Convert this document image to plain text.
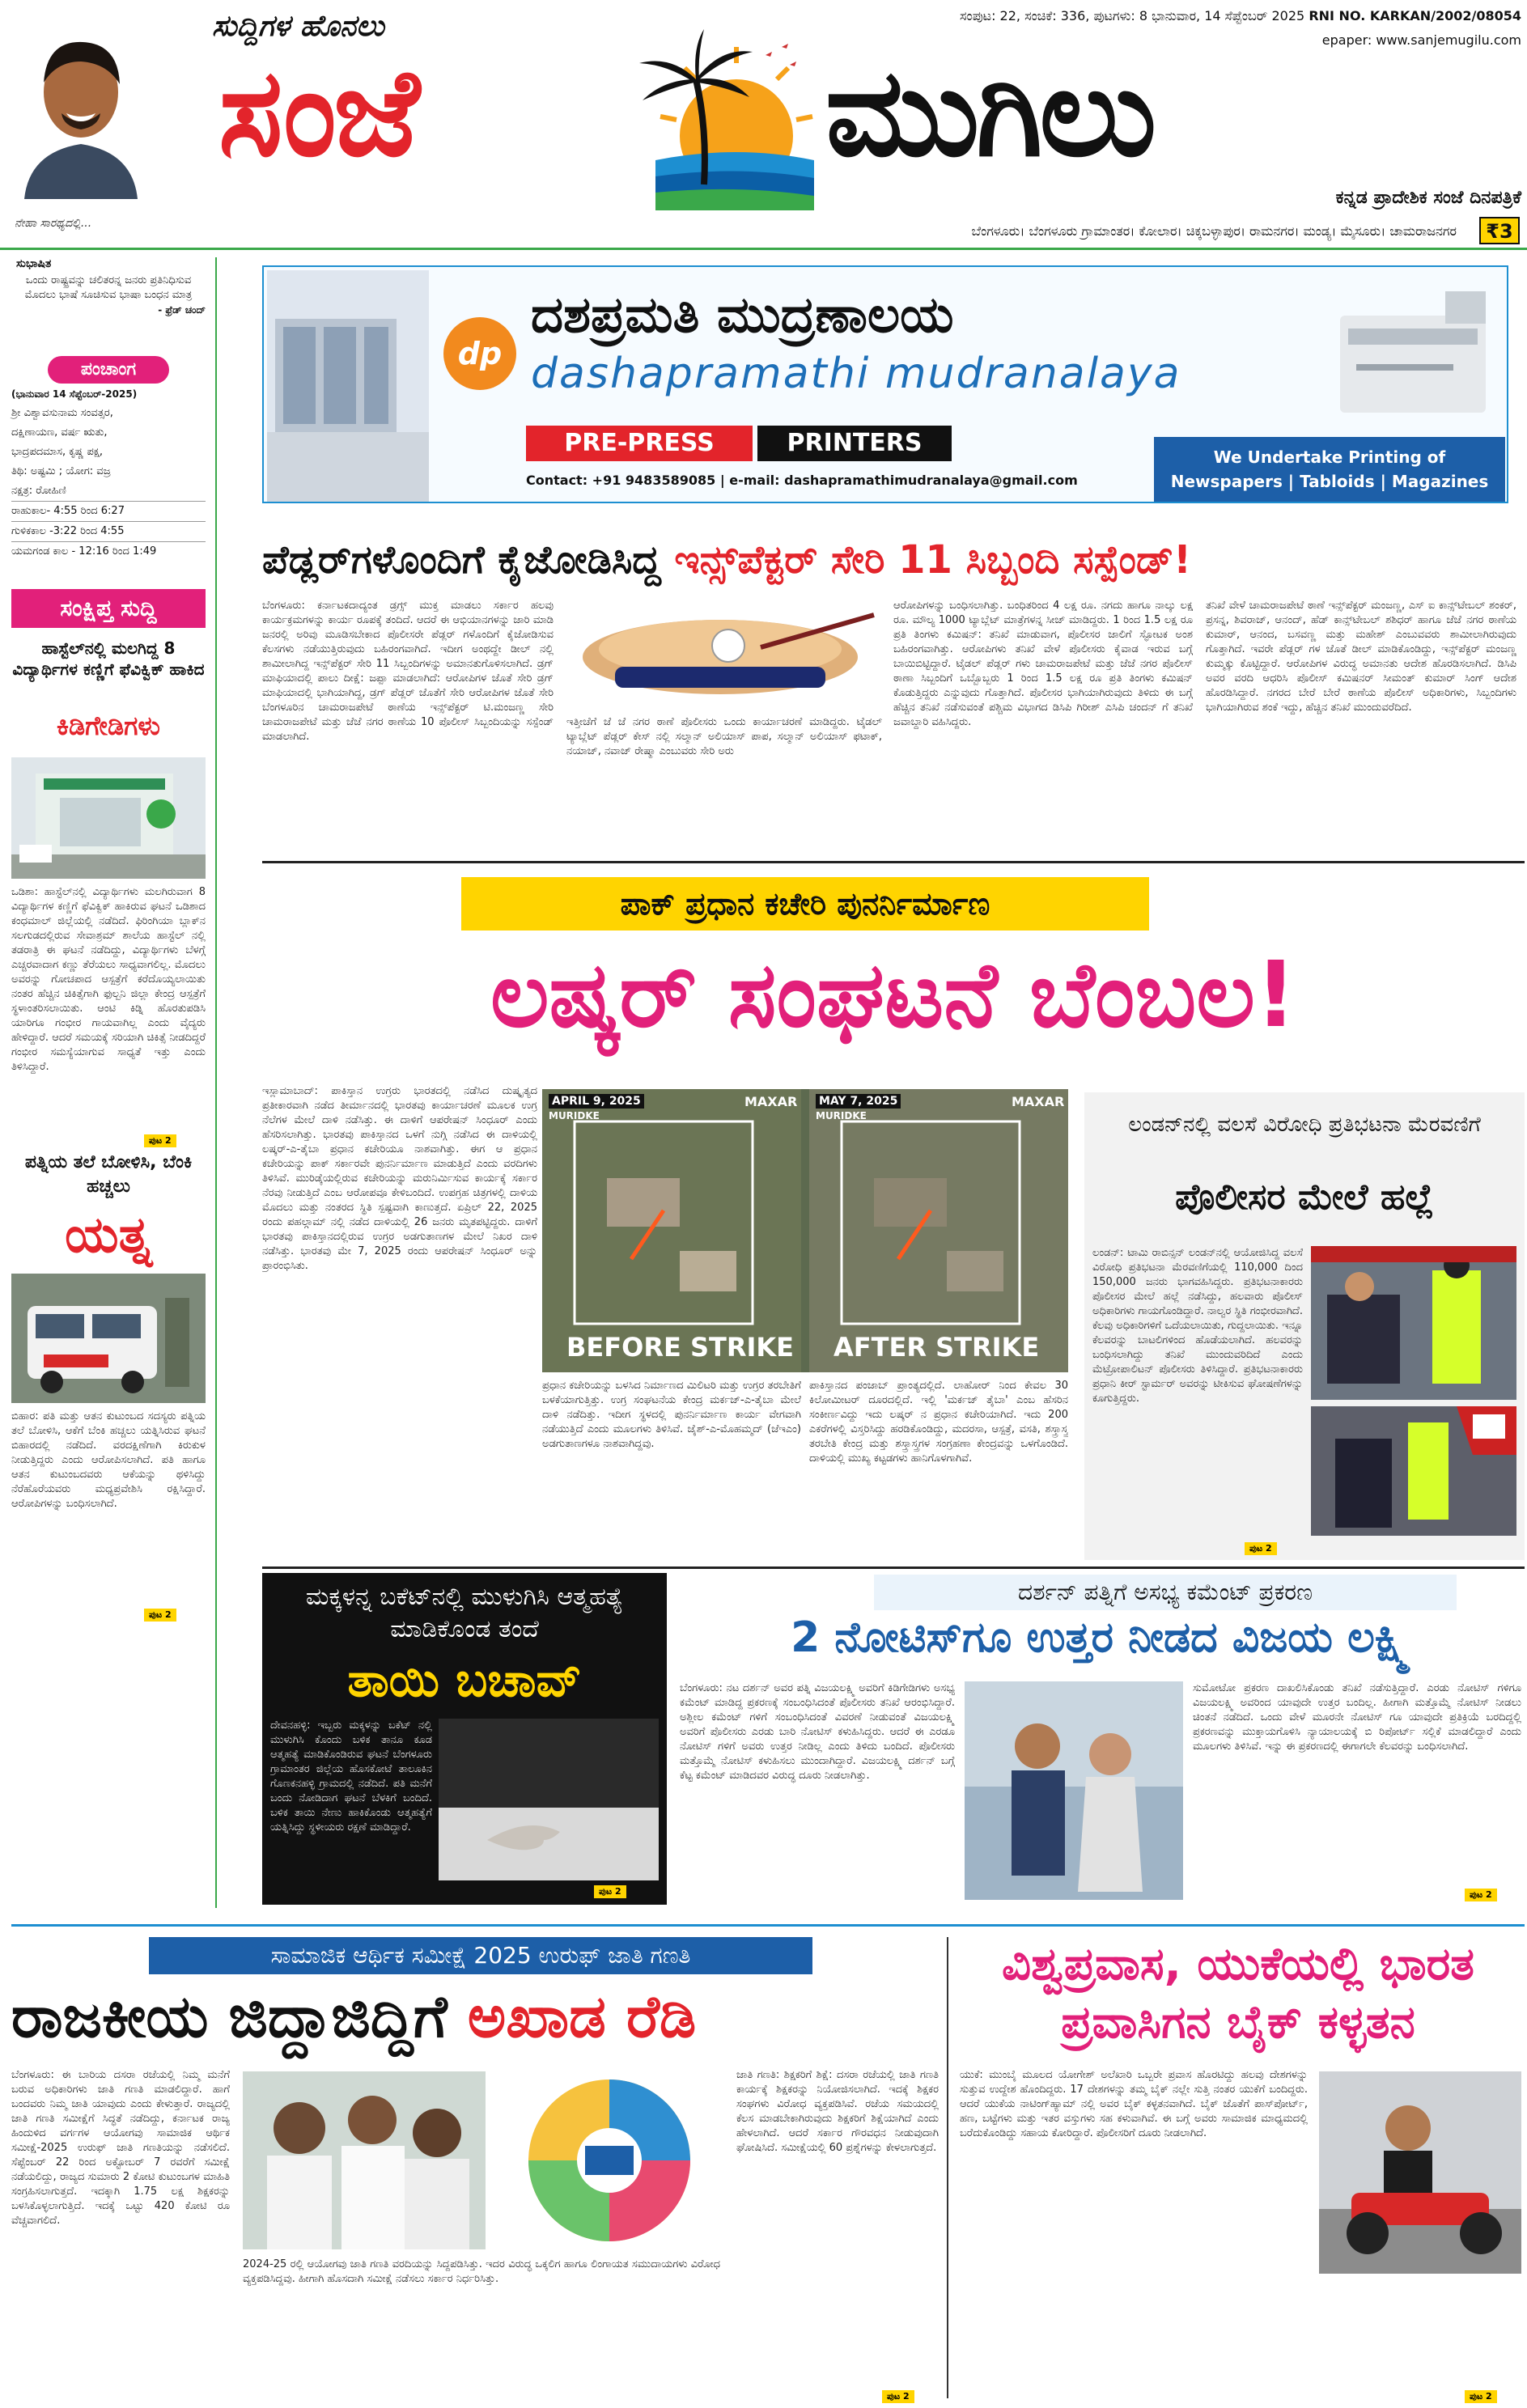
ನೇಹಾ ಸಾರಥ್ಯದಲ್ಲಿ...
ಸುದ್ದಿಗಳ ಹೊನಲು
ಸಂಜೆ	ಮುಗಿಲು
ಸಂಪುಟ: 22, ಸಂಚಿಕೆ: 336, ಪುಟಗಳು: 8 ಭಾನುವಾರ, 14 ಸೆಪ್ಟೆಂಬರ್ 2025 RNI NO. KARKAN/2002/08054
epaper: www.sanjemugilu.com
ಕನ್ನಡ ಪ್ರಾದೇಶಿಕ ಸಂಜೆ ದಿನಪತ್ರಿಕೆ
ಬೆಂಗಳೂರು। ಬೆಂಗಳೂರು ಗ್ರಾಮಾಂತರ। ಕೋಲಾರ। ಚಿಕ್ಕಬಳ್ಳಾಪುರ। ರಾಮನಗರ। ಮಂಡ್ಯ। ಮೈಸೂರು। ಚಾಮರಾಜನಗರ	₹3
ಸುಭಾಷಿತ
ಒಂದು ರಾಷ್ಟ್ರವನ್ನು ಚಲಿತರನ್ನ ಜನರು ಪ್ರತಿನಿಧಿಸುವ ಮೊದಲು ಭಾಷೆ ಸೂಚಿಸುವ ಭಾಷಾ ಬಂಧನ ಮಾತ್ರ
- ಫ್ರೆಡ್ ಚಂದ್
ಪಂಚಾಂಗ
(ಭಾನುವಾರ 14 ಸೆಪ್ಟೆಂಬರ್-2025)
ಶ್ರೀ ವಿಶ್ವಾವಸುನಾಮ ಸಂವತ್ಸರ,
ದಕ್ಷಿಣಾಯಣ, ವರ್ಷ ಋತು,
ಭಾದ್ರಪದಮಾಸ, ಕೃಷ್ಣ ಪಕ್ಷ,
ತಿಥಿ: ಅಷ್ಟಮಿ ; ಯೋಗ: ವಜ್ರ
ನಕ್ಷತ್ರ: ರೋಹಿಣಿ
ರಾಹುಕಾಲ- 4:55 ರಿಂದ 6:27
ಗುಳಿಕಕಾಲ -3:22 ರಿಂದ 4:55
ಯಮಗಂಡ ಕಾಲ - 12:16 ರಿಂದ 1:49
ಸಂಕ್ಷಿಪ್ತ ಸುದ್ದಿ
ಹಾಸ್ಟೆಲ್‌ನಲ್ಲಿ ಮಲಗಿದ್ದ 8 ವಿದ್ಯಾರ್ಥಿಗಳ ಕಣ್ಣಿಗೆ ಫೆವಿಕ್ವಿಕ್ ಹಾಕಿದ
ಕಿಡಿಗೇಡಿಗಳು
ಒಡಿಶಾ: ಹಾಸ್ಟೆಲ್‌ನಲ್ಲಿ ವಿದ್ಯಾರ್ಥಿಗಳು ಮಲಗಿರುವಾಗ 8 ವಿದ್ಯಾರ್ಥಿಗಳ ಕಣ್ಣಿಗೆ ಫೆವಿಕ್ವಿಕ್ ಹಾಕಿರುವ ಘಟನೆ ಒಡಿಶಾದ ಕಂಧಮಾಲ್ ಜಿಲ್ಲೆಯಲ್ಲಿ ನಡೆದಿದೆ. ಫಿರಿಂಗಿಯಾ ಬ್ಲಾಕ್‌ನ ಸಲಗುಡದಲ್ಲಿರುವ ಸೇವಾಶ್ರಮ್ ಶಾಲೆಯ ಹಾಸ್ಟೆಲ್ ನಲ್ಲಿ ತಡರಾತ್ರಿ ಈ ಘಟನೆ ನಡೆದಿದ್ದು, ವಿದ್ಯಾರ್ಥಿಗಳು ಬೆಳಗ್ಗೆ ಎಚ್ಚರವಾದಾಗ ಕಣ್ಣು ತೆರೆಯಲು ಸಾಧ್ಯವಾಗಲಿಲ್ಲ. ಮೊದಲು ಅವರನ್ನು ಗೋಚಪಾದ ಆಸ್ಪತ್ರೆಗೆ ಕರೆದೊಯ್ಯಲಾಯಿತು ನಂತರ ಹೆಚ್ಚಿನ ಚಿಕಿತ್ಸೆಗಾಗಿ ಫುಲ್ಬನಿ ಜಿಲ್ಲಾ ಕೇಂದ್ರ ಆಸ್ಪತ್ರೆಗೆ ಸ್ಥಳಾಂತರಿಸಲಾಯಿತು. ಆಂಟಿ ಕಿಡ್ನಿ ಹೊರತುಪಡಿಸಿ ಯಾರಿಗೂ ಗಂಭೀರ ಗಾಯವಾಗಿಲ್ಲ ಎಂದು ವೈದ್ಯರು ಹೇಳಿದ್ದಾರೆ. ಆದರೆ ಸಮಯಕ್ಕೆ ಸರಿಯಾಗಿ ಚಿಕಿತ್ಸೆ ನೀಡದಿದ್ದರೆ ಗಂಭೀರ ಸಮಸ್ಯೆಯಾಗುವ ಸಾಧ್ಯತೆ ಇತ್ತು ಎಂದು ತಿಳಿಸಿದ್ದಾರೆ.
ಪುಟ 2
ಪತ್ನಿಯ ತಲೆ ಬೋಳಿಸಿ, ಬೆಂಕಿ ಹಚ್ಚಲು
ಯತ್ನ
ಬಿಹಾರ: ಪತಿ ಮತ್ತು ಆತನ ಕುಟುಂಬದ ಸದಸ್ಯರು ಪತ್ನಿಯ ತಲೆ ಬೋಳಿಸಿ, ಆಕೆಗೆ ಬೆಂಕಿ ಹಚ್ಚಲು ಯತ್ನಿಸಿರುವ ಘಟನೆ ಬಿಹಾರದಲ್ಲಿ ನಡೆದಿದೆ. ವರದಕ್ಷಿಣೆಗಾಗಿ ಕಿರುಕುಳ ನೀಡುತ್ತಿದ್ದರು ಎಂದು ಆರೋಪಿಸಲಾಗಿದೆ. ಪತಿ ಹಾಗೂ ಆತನ ಕುಟುಂಬದವರು ಆಕೆಯನ್ನು ಥಳಿಸಿದ್ದು ನೆರೆಹೊರೆಯವರು ಮಧ್ಯಪ್ರವೇಶಿಸಿ ರಕ್ಷಿಸಿದ್ದಾರೆ. ಆರೋಪಿಗಳನ್ನು ಬಂಧಿಸಲಾಗಿದೆ.
ಪುಟ 2
dp
ದಶಪ್ರಮತಿ ಮುದ್ರಣಾಲಯ
dashapramathi mudranalaya
PRE-PRESS	PRINTERS
Contact: +91 9483589085 | e-mail: dashapramathimudranalaya@gmail.com
We Undertake Printing of Newspapers | Tabloids | Magazines
ಪೆಡ್ಲರ್‌ಗಳೊಂದಿಗೆ ಕೈಜೋಡಿಸಿದ್ದ ಇನ್ಸ್‌ಪೆಕ್ಟರ್ ಸೇರಿ 11 ಸಿಬ್ಬಂದಿ ಸಸ್ಪೆಂಡ್!
ಬೆಂಗಳೂರು: ಕರ್ನಾಟಕದಾದ್ಯಂತ ಡ್ರಗ್ಸ್ ಮುಕ್ತ ಮಾಡಲು ಸರ್ಕಾರ ಹಲವು ಕಾರ್ಯಕ್ರಮಗಳನ್ನು ಕಾರ್ಯ ರೂಪಕ್ಕೆ ತಂದಿದೆ. ಆದರೆ ಈ ಆಭಿಯಾನಗಳನ್ನು ಜಾರಿ ಮಾಡಿ ಜನರಲ್ಲಿ ಅರಿವು ಮೂಡಿಸಬೇಕಾದ ಪೊಲೀಸರೇ ಪೆಡ್ಲರ್ ಗಳೊಂದಿಗೆ ಕೈಜೋಡಿಸುವ ಕೆಲಸಗಳು ನಡೆಯುತ್ತಿರುವುದು ಬಹಿರಂಗವಾಗಿದೆ. ಇದೀಗ ಅಂಥದ್ದೇ ಡೀಲ್ ನಲ್ಲಿ ಶಾಮೀಲಾಗಿದ್ದ ಇನ್ಸ್‌ಪೆಕ್ಟರ್ ಸೇರಿ 11 ಸಿಬ್ಬಂದಿಗಳನ್ನು ಅಮಾನತುಗೊಳಿಸಲಾಗಿದೆ. ಡ್ರಗ್ ಮಾಫಿಯಾದಲ್ಲಿ ಪಾಲು ದೀಕ್ಷೆ: ಜಪ್ಪಾ ಮಾಡಲಾಗಿದೆ: ಆರೋಪಿಗಳ ಜೊತೆ ಸೇರಿ ಡ್ರಗ್ ಮಾಫಿಯಾದಲ್ಲಿ ಭಾಗಿಯಾಗಿದ್ದ, ಡ್ರಗ್ ಪೆಡ್ಲರ್ ಜೊತೆಗೆ ಸೇರಿ ಆರೋಪಿಗಳ ಜೊತೆ ಸೇರಿ ಬೆಂಗಳೂರಿನ ಚಾಮರಾಜಪೇಟೆ ಠಾಣೆಯ ಇನ್ಸ್‌ಪೆಕ್ಟರ್ ಟಿ.ಮಂಜಣ್ಣ ಸೇರಿ ಚಾಮರಾಜಪೇಟೆ ಮತ್ತು ಜೆಜೆ ನಗರ ಠಾಣೆಯ 10 ಪೊಲೀಸ್ ಸಿಬ್ಬಂದಿಯನ್ನು ಸಸ್ಪೆಂಡ್ ಮಾಡಲಾಗಿದೆ.
ಇತ್ತೀಚೆಗೆ ಜೆ ಜೆ ನಗರ ಠಾಣೆ ಪೊಲೀಸರು ಒಂದು ಕಾರ್ಯಾಚರಣೆ ಮಾಡಿದ್ದರು. ಟೈಡಲ್ ಟ್ಯಾಬ್ಲೆಟ್ ಪೆಡ್ಲರ್ ಕೇಸ್ ನಲ್ಲಿ ಸಲ್ಮಾನ್ ಅಲಿಯಾಸ್ ಪಾಪ, ಸಲ್ಮಾನ್ ಅಲಿಯಾಸ್ ಫಟಾಕ್, ನಯಾಜ್, ನವಾಜ್ ರೇಷ್ಮಾ ಎಂಬುವರು ಸೇರಿ ಅರು
ಆರೋಪಿಗಳನ್ನು ಬಂಧಿಸಲಾಗಿತ್ತು. ಬಂಧಿತರಿಂದ 4 ಲಕ್ಷ ರೂ. ನಗದು ಹಾಗೂ ನಾಲ್ಕು ಲಕ್ಷ ರೂ. ಮೌಲ್ಯ 1000 ಟ್ಯಾಬ್ಲೆಟ್ ಮಾತ್ರೆಗಳನ್ನ ಸೀಜ್ ಮಾಡಿದ್ದರು. 1 ರಿಂದ 1.5 ಲಕ್ಷ ರೂ ಪ್ರತಿ ತಿಂಗಳು ಕಮಿಷನ್: ತನಿಖೆ ಮಾಡುವಾಗ, ಪೊಲೀಸರ ಜಾಲಿಗೆ ಸ್ಫೋಟಕ ಅಂಶ ಬಹಿರಂಗವಾಗಿತ್ತು. ಆರೋಪಿಗಳು ತನಿಖೆ ವೇಳೆ ಪೊಲೀಸರು ಕೈವಾಡ ಇರುವ ಬಗ್ಗೆ ಬಾಯಿಬಿಟ್ಟಿದ್ದಾರೆ. ಟೈಡಲ್ ಪೆಡ್ಲರ್ ಗಳು ಚಾಮರಾಜಪೇಟೆ ಮತ್ತು ಜೆಜೆ ನಗರ ಪೊಲೀಸ್ ಠಾಣಾ ಸಿಬ್ಬಂದಿಗೆ ಒಬ್ಬೊಬ್ಬರು 1 ರಿಂದ 1.5 ಲಕ್ಷ ರೂ ಪ್ರತಿ ತಿಂಗಳು ಕಮಿಷನ್ ಕೊಡುತ್ತಿದ್ದರು ಎನ್ನುವುದು ಗೊತ್ತಾಗಿದೆ. ಪೊಲೀಸರ ಭಾಗಿಯಾಗಿರುವುದು ತಿಳಿದು ಈ ಬಗ್ಗೆ ಹೆಚ್ಚಿನ ತನಿಖೆ ನಡೆಸುವಂತೆ ಪಶ್ಚಿಮ ವಿಭಾಗದ ಡಿಸಿಪಿ ಗಿರೀಶ್ ಎಸಿಪಿ ಚಂದನ್ ಗೆ ತನಿಖೆ ಜವಾಬ್ದಾರಿ ವಹಿಸಿದ್ದರು.
ತನಿಖೆ ವೇಳೆ ಚಾಮರಾಜಪೇಟೆ ಠಾಣೆ ಇನ್ಸ್‌ಪೆಕ್ಟರ್ ಮಂಜಣ್ಣ, ಎಸ್ ಐ ಕಾನ್ಸ್‌ಟೇಬಲ್ ಶಂಕರ್, ಪ್ರಸನ್ನ, ಶಿವರಾಜ್, ಆನಂದ್, ಹೆಡ್ ಕಾನ್ಸ್‌ಟೇಬಲ್ ಶಶಿಧರ್ ಹಾಗೂ ಜೆಜೆ ನಗರ ಠಾಣೆಯ ಕುಮಾರ್, ಆನಂದ, ಬಸವಣ್ಣ ಮತ್ತು ಮಹೇಶ್ ಎಂಬುವವರು ಶಾಮೀಲಾಗಿರುವುದು ಗೊತ್ತಾಗಿದೆ. ಇವರೇ ಪೆಡ್ಲರ್ ಗಳ ಜೊತೆ ಡೀಲ್ ಮಾಡಿಕೊಂಡಿದ್ದು, ಇನ್ಸ್‌ಪೆಕ್ಟರ್ ಮಂಜಣ್ಣ ಕುಮ್ಮಕ್ಕು ಕೊಟ್ಟಿದ್ದಾರೆ. ಆರೋಪಿಗಳ ವಿರುದ್ಧ ಅಮಾನತು ಆದೇಶ ಹೊರಡಿಸಲಾಗಿದೆ. ಡಿಸಿಪಿ ಅವರ ವರದಿ ಆಧರಿಸಿ ಪೊಲೀಸ್ ಕಮಿಷನರ್ ಸೀಮಂತ್ ಕುಮಾರ್ ಸಿಂಗ್ ಆದೇಶ ಹೊರಡಿಸಿದ್ದಾರೆ. ನಗರದ ಬೇರೆ ಬೇರೆ ಠಾಣೆಯ ಪೊಲೀಸ್ ಅಧಿಕಾರಿಗಳು, ಸಿಬ್ಬಂದಿಗಳು ಭಾಗಿಯಾಗಿರುವ ಶಂಕೆ ಇದ್ದು, ಹೆಚ್ಚಿನ ತನಿಖೆ ಮುಂದುವರೆದಿದೆ.
ಪಾಕ್ ಪ್ರಧಾನ ಕಚೇರಿ ಪುನರ್ನಿರ್ಮಾಣ
ಲಷ್ಕರ್ ಸಂಘಟನೆ ಬೆಂಬಲ!
ಇಸ್ಲಾಮಾಬಾದ್: ಪಾಕಿಸ್ತಾನ ಉಗ್ರರು ಭಾರತದಲ್ಲಿ ನಡೆಸಿದ ದುಷ್ಕೃತ್ಯದ ಪ್ರತೀಕಾರವಾಗಿ ನಡೆದ ತೀರ್ಮಾನದಲ್ಲಿ ಭಾರತವು ಕಾರ್ಯಾಚರಣೆ ಮೂಲಕ ಉಗ್ರ ನೆಲೆಗಳ ಮೇಲೆ ದಾಳಿ ನಡೆಸಿತ್ತು. ಈ ದಾಳಿಗೆ ಆಪರೇಷನ್ ಸಿಂಧೂರ್ ಎಂದು ಹೆಸರಿಸಲಾಗಿತ್ತು. ಭಾರತವು ಪಾಕಿಸ್ತಾನದ ಒಳಗೆ ನುಗ್ಗಿ ನಡೆಸಿದ ಈ ದಾಳಿಯಲ್ಲಿ ಲಷ್ಕರ್-ಎ-ತೈಬಾ ಪ್ರಧಾನ ಕಚೇರಿಯೂ ನಾಶವಾಗಿತ್ತು. ಈಗ ಆ ಪ್ರಧಾನ ಕಚೇರಿಯನ್ನು ಪಾಕ್ ಸರ್ಕಾರವೇ ಪುನರ್ನಿರ್ಮಾಣ ಮಾಡುತ್ತಿದೆ ಎಂದು ವರದಿಗಳು ತಿಳಿಸಿವೆ. ಮುರಿಡ್ಕೆಯಲ್ಲಿರುವ ಕಚೇರಿಯನ್ನು ಮರುನಿರ್ಮಿಸುವ ಕಾರ್ಯಕ್ಕೆ ಸರ್ಕಾರ ನೆರವು ನೀಡುತ್ತಿದೆ ಎಂಬ ಆರೋಪವೂ ಕೇಳಿಬಂದಿದೆ. ಉಪಗ್ರಹ ಚಿತ್ರಗಳಲ್ಲಿ ದಾಳಿಯ ಮೊದಲು ಮತ್ತು ನಂತರದ ಸ್ಥಿತಿ ಸ್ಪಷ್ಟವಾಗಿ ಕಾಣುತ್ತದೆ. ಏಪ್ರಿಲ್ 22, 2025 ರಂದು ಪಹಲ್ಗಾಮ್ ನಲ್ಲಿ ನಡೆದ ದಾಳಿಯಲ್ಲಿ 26 ಜನರು ಮೃತಪಟ್ಟಿದ್ದರು. ದಾಳಿಗೆ ಭಾರತವು ಪಾಕಿಸ್ತಾನದಲ್ಲಿರುವ ಉಗ್ರರ ಅಡಗುತಾಣಗಳ ಮೇಲೆ ನಿಖರ ದಾಳಿ ನಡೆಸಿತ್ತು. ಭಾರತವು ಮೇ 7, 2025 ರಂದು ಆಪರೇಷನ್ ಸಿಂಧೂರ್ ಅನ್ನು ಪ್ರಾರಂಭಿಸಿತು.
APRIL 9, 2025
MURIDKE
MAXAR MAY 7, 2025
MURIDKE
MAXAR
BEFORE STRIKE AFTER STRIKE
ಪ್ರಧಾನ ಕಚೇರಿಯನ್ನು ಬಳಸಿದ ನಿರ್ಮಾಣದ ಮಿಲಿಟರಿ ಮತ್ತು ಉಗ್ರರ ತರಬೇತಿಗೆ ಬಳಕೆಯಾಗುತ್ತಿತ್ತು. ಉಗ್ರ ಸಂಘಟನೆಯ ಕೇಂದ್ರ ಮರ್ಕಜ್-ಎ-ತೈಬಾ ಮೇಲೆ ದಾಳಿ ನಡೆದಿತ್ತು. ಇದೀಗ ಸ್ಥಳದಲ್ಲಿ ಪುನರ್ನಿರ್ಮಾಣ ಕಾರ್ಯ ವೇಗವಾಗಿ ನಡೆಯುತ್ತಿದೆ ಎಂದು ಮೂಲಗಳು ತಿಳಿಸಿವೆ. ಜೈಶ್-ಎ-ಮೊಹಮ್ಮದ್ (ಜೆಇಎಂ) ಅಡಗುತಾಣಗಳೂ ನಾಶವಾಗಿದ್ದವು.
ಪಾಕಿಸ್ತಾನದ ಪಂಜಾಬ್ ಪ್ರಾಂತ್ಯದಲ್ಲಿದೆ. ಲಾಹೋರ್ ನಿಂದ ಕೇವಲ 30 ಕಿಲೋಮೀಟರ್ ದೂರದಲ್ಲಿದೆ. ಇಲ್ಲಿ 'ಮರ್ಕಜ್ ತೈಬಾ' ಎಂಬ ಹೆಸರಿನ ಸಂಕೀರ್ಣವಿದ್ದು ಇದು ಲಷ್ಕರ್ ನ ಪ್ರಧಾನ ಕಚೇರಿಯಾಗಿದೆ. ಇದು 200 ಎಕರೆಗಳಲ್ಲಿ ವಿಸ್ತರಿಸಿದ್ದು ಹರಡಿಕೊಂಡಿದ್ದು, ಮದರಸಾ, ಆಸ್ಪತ್ರೆ, ವಸತಿ, ಶಸ್ತ್ರಾಸ್ತ್ರ ತರಬೇತಿ ಕೇಂದ್ರ ಮತ್ತು ಶಸ್ತ್ರಾಸ್ತ್ರಗಳ ಸಂಗ್ರಹಣಾ ಕೇಂದ್ರವನ್ನು ಒಳಗೊಂಡಿದೆ. ದಾಳಿಯಲ್ಲಿ ಮುಖ್ಯ ಕಟ್ಟಡಗಳು ಹಾನಿಗೊಳಗಾಗಿವೆ.
ಲಂಡನ್‌ನಲ್ಲಿ ವಲಸೆ ವಿರೋಧಿ ಪ್ರತಿಭಟನಾ ಮೆರವಣಿಗೆ
ಪೊಲೀಸರ ಮೇಲೆ ಹಲ್ಲೆ
ಲಂಡನ್: ಟಾಮಿ ರಾಬಿನ್ಸನ್ ಲಂಡನ್‌ನಲ್ಲಿ ಆಯೋಜಿಸಿದ್ದ ವಲಸೆ ವಿರೋಧಿ ಪ್ರತಿಭಟನಾ ಮೆರವಣಿಗೆಯಲ್ಲಿ 110,000 ದಿಂದ 150,000 ಜನರು ಭಾಗವಹಿಸಿದ್ದರು. ಪ್ರತಿಭಟನಾಕಾರರು ಪೊಲೀಸರ ಮೇಲೆ ಹಲ್ಲೆ ನಡೆಸಿದ್ದು, ಹಲವಾರು ಪೊಲೀಸ್ ಅಧಿಕಾರಿಗಳು ಗಾಯಗೊಂಡಿದ್ದಾರೆ. ನಾಲ್ವರ ಸ್ಥಿತಿ ಗಂಭೀರವಾಗಿದೆ. ಕೆಲವು ಅಧಿಕಾರಿಗಳಿಗೆ ಒದೆಯಲಾಯಿತು, ಗುದ್ದಲಾಯಿತು. ಇನ್ನೂ ಕೆಲವರನ್ನು ಬಾಟಲಿಗಳಿಂದ ಹೊಡೆಯಲಾಗಿದೆ. ಹಲವರನ್ನು ಬಂಧಿಸಲಾಗಿದ್ದು ತನಿಖೆ ಮುಂದುವರಿದಿದೆ ಎಂದು ಮೆಟ್ರೋಪಾಲಿಟನ್ ಪೊಲೀಸರು ತಿಳಿಸಿದ್ದಾರೆ. ಪ್ರತಿಭಟನಾಕಾರರು ಪ್ರಧಾನಿ ಕೀರ್ ಸ್ಟಾರ್ಮರ್ ಅವರನ್ನು ಟೀಕಿಸುವ ಘೋಷಣೆಗಳನ್ನು ಕೂಗುತ್ತಿದ್ದರು.
ಪುಟ 2
ಮಕ್ಕಳನ್ನ ಬಕೆಟ್‌ನಲ್ಲಿ ಮುಳುಗಿಸಿ ಆತ್ಮಹತ್ಯೆ ಮಾಡಿಕೊಂಡ ತಂದೆ
ತಾಯಿ ಬಚಾವ್
ದೇವನಹಳ್ಳಿ: ಇಬ್ಬರು ಮಕ್ಕಳನ್ನು ಬಕೆಟ್ ನಲ್ಲಿ ಮುಳುಗಿಸಿ ಕೊಂದು ಬಳಿಕ ತಾನೂ ಕೂಡ ಆತ್ಮಹತ್ಯೆ ಮಾಡಿಕೊಂಡಿರುವ ಘಟನೆ ಬೆಂಗಳೂರು ಗ್ರಾಮಾಂತರ ಜಿಲ್ಲೆಯ ಹೊಸಕೋಟೆ ತಾಲೂಕಿನ ಗೊಣಕನಹಳ್ಳಿ ಗ್ರಾಮದಲ್ಲಿ ನಡೆದಿದೆ. ಪತಿ ಮನೆಗೆ ಬಂದು ನೋಡಿದಾಗ ಘಟನೆ ಬೆಳಕಿಗೆ ಬಂದಿದೆ. ಬಳಿಕ ತಾಯಿ ನೇಣು ಹಾಕಿಕೊಂಡು ಆತ್ಮಹತ್ಯೆಗೆ ಯತ್ನಿಸಿದ್ದು ಸ್ಥಳೀಯರು ರಕ್ಷಣೆ ಮಾಡಿದ್ದಾರೆ.
ಪುಟ 2
ದರ್ಶನ್ ಪತ್ನಿಗೆ ಅಸಭ್ಯ ಕಮೆಂಟ್ ಪ್ರಕರಣ
2 ನೋಟಿಸ್‌ಗೂ ಉತ್ತರ ನೀಡದ ವಿಜಯ ಲಕ್ಷ್ಮಿ
ಬೆಂಗಳೂರು: ನಟ ದರ್ಶನ್ ಅವರ ಪತ್ನಿ ವಿಜಯಲಕ್ಷ್ಮಿ ಅವರಿಗೆ ಕಿಡಿಗೇಡಿಗಳು ಅಸಭ್ಯ ಕಮೆಂಟ್ ಮಾಡಿದ್ದ ಪ್ರಕರಣಕ್ಕೆ ಸಂಬಂಧಿಸಿದಂತೆ ಪೊಲೀಸರು ತನಿಖೆ ಆರಂಭಿಸಿದ್ದಾರೆ. ಅಶ್ಲೀಲ ಕಮೆಂಟ್ ಗಳಿಗೆ ಸಂಬಂಧಿಸಿದಂತೆ ವಿವರಣೆ ನೀಡುವಂತೆ ವಿಜಯಲಕ್ಷ್ಮಿ ಅವರಿಗೆ ಪೊಲೀಸರು ಎರಡು ಬಾರಿ ನೋಟಿಸ್ ಕಳುಹಿಸಿದ್ದರು. ಆದರೆ ಈ ಎರಡೂ ನೋಟಿಸ್ ಗಳಿಗೆ ಅವರು ಉತ್ತರ ನೀಡಿಲ್ಲ ಎಂದು ತಿಳಿದು ಬಂದಿದೆ. ಪೊಲೀಸರು ಮತ್ತೊಮ್ಮೆ ನೋಟಿಸ್ ಕಳುಹಿಸಲು ಮುಂದಾಗಿದ್ದಾರೆ. ವಿಜಯಲಕ್ಷ್ಮಿ ದರ್ಶನ್ ಬಗ್ಗೆ ಕೆಟ್ಟ ಕಮೆಂಟ್ ಮಾಡಿದವರ ವಿರುದ್ಧ ದೂರು ನೀಡಲಾಗಿತ್ತು.
ಸುಮೋಟೋ ಪ್ರಕರಣ ದಾಖಲಿಸಿಕೊಂಡು ತನಿಖೆ ನಡೆಸುತ್ತಿದ್ದಾರೆ. ಎರಡು ನೋಟಿಸ್ ಗಳಿಗೂ ವಿಜಯಲಕ್ಷ್ಮಿ ಅವರಿಂದ ಯಾವುದೇ ಉತ್ತರ ಬಂದಿಲ್ಲ. ಹೀಗಾಗಿ ಮತ್ತೊಮ್ಮೆ ನೋಟಿಸ್ ನೀಡಲು ಚಿಂತನೆ ನಡೆದಿದೆ. ಒಂದು ವೇಳೆ ಮೂರನೇ ನೋಟಿಸ್ ಗೂ ಯಾವುದೇ ಪ್ರತಿಕ್ರಿಯೆ ಬರದಿದ್ದಲ್ಲಿ ಪ್ರಕರಣವನ್ನು ಮುಕ್ತಾಯಗೊಳಿಸಿ ನ್ಯಾಯಾಲಯಕ್ಕೆ ಬಿ ರಿಪೋರ್ಟ್ ಸಲ್ಲಿಕೆ ಮಾಡಲಿದ್ದಾರೆ ಎಂದು ಮೂಲಗಳು ತಿಳಿಸಿವೆ. ಇನ್ನು ಈ ಪ್ರಕರಣದಲ್ಲಿ ಈಗಾಗಲೇ ಕೆಲವರನ್ನು ಬಂಧಿಸಲಾಗಿದೆ.
ಪುಟ 2
ಸಾಮಾಜಿಕ ಆರ್ಥಿಕ ಸಮೀಕ್ಷೆ 2025 ಉರುಫ್ ಜಾತಿ ಗಣತಿ
ರಾಜಕೀಯ ಜಿದ್ದಾಜಿದ್ದಿಗೆ ಅಖಾಡ ರೆಡಿ
ಬೆಂಗಳೂರು: ಈ ಬಾರಿಯ ದಸರಾ ರಜೆಯಲ್ಲಿ ನಿಮ್ಮ ಮನೆಗೆ ಬರುವ ಅಧಿಕಾರಿಗಳು ಜಾತಿ ಗಣತಿ ಮಾಡಲಿದ್ದಾರೆ. ಹಾಗೆ ಬಂದವರು ನಿಮ್ಮ ಜಾತಿ ಯಾವುದು ಎಂದು ಕೇಳುತ್ತಾರೆ. ರಾಜ್ಯದಲ್ಲಿ ಜಾತಿ ಗಣತಿ ಸಮೀಕ್ಷೆಗೆ ಸಿದ್ಧತೆ ನಡೆದಿದ್ದು, ಕರ್ನಾಟಕ ರಾಜ್ಯ ಹಿಂದುಳಿದ ವರ್ಗಗಳ ಆಯೋಗವು ಸಾಮಾಜಿಕ ಆರ್ಥಿಕ ಸಮೀಕ್ಷೆ-2025 ಉರುಫ್ ಜಾತಿ ಗಣತಿಯನ್ನು ನಡೆಸಲಿದೆ. ಸೆಪ್ಟೆಂಬರ್ 22 ರಿಂದ ಅಕ್ಟೋಬರ್ 7 ರವರೆಗೆ ಸಮೀಕ್ಷೆ ನಡೆಯಲಿದ್ದು, ರಾಜ್ಯದ ಸುಮಾರು 2 ಕೋಟಿ ಕುಟುಂಬಗಳ ಮಾಹಿತಿ ಸಂಗ್ರಹಿಸಲಾಗುತ್ತದೆ. ಇದಕ್ಕಾಗಿ 1.75 ಲಕ್ಷ ಶಿಕ್ಷಕರನ್ನು ಬಳಸಿಕೊಳ್ಳಲಾಗುತ್ತಿದೆ. ಇದಕ್ಕೆ ಒಟ್ಟು 420 ಕೋಟಿ ರೂ ವೆಚ್ಚವಾಗಲಿದೆ.
2024-25 ರಲ್ಲಿ ಆಯೋಗವು ಜಾತಿ ಗಣತಿ ವರದಿಯನ್ನು ಸಿದ್ದಪಡಿಸಿತ್ತು. ಇದರ ವಿರುದ್ಧ ಒಕ್ಕಲಿಗ ಹಾಗೂ ಲಿಂಗಾಯತ ಸಮುದಾಯಗಳು ವಿರೋಧ ವ್ಯಕ್ತಪಡಿಸಿದ್ದವು. ಹೀಗಾಗಿ ಹೊಸದಾಗಿ ಸಮೀಕ್ಷೆ ನಡೆಸಲು ಸರ್ಕಾರ ನಿರ್ಧರಿಸಿತ್ತು.
ಜಾತಿ ಗಣತಿ: ಶಿಕ್ಷಕರಿಗೆ ಶಿಕ್ಷೆ: ದಸರಾ ರಜೆಯಲ್ಲಿ ಜಾತಿ ಗಣತಿ ಕಾರ್ಯಕ್ಕೆ ಶಿಕ್ಷಕರನ್ನು ನಿಯೋಜಿಸಲಾಗಿದೆ. ಇದಕ್ಕೆ ಶಿಕ್ಷಕರ ಸಂಘಗಳು ವಿರೋಧ ವ್ಯಕ್ತಪಡಿಸಿವೆ. ರಜೆಯ ಸಮಯದಲ್ಲಿ ಕೆಲಸ ಮಾಡಬೇಕಾಗಿರುವುದು ಶಿಕ್ಷಕರಿಗೆ ಶಿಕ್ಷೆಯಾಗಿದೆ ಎಂದು ಹೇಳಲಾಗಿದೆ. ಆದರೆ ಸರ್ಕಾರ ಗೌರವಧನ ನೀಡುವುದಾಗಿ ಘೋಷಿಸಿದೆ. ಸಮೀಕ್ಷೆಯಲ್ಲಿ 60 ಪ್ರಶ್ನೆಗಳನ್ನು ಕೇಳಲಾಗುತ್ತದೆ.
ಪುಟ 2
ವಿಶ್ವಪ್ರವಾಸ, ಯುಕೆಯಲ್ಲಿ ಭಾರತ
ಪ್ರವಾಸಿಗನ ಬೈಕ್ ಕಳ್ಳತನ
ಯುಕೆ: ಮುಂಬೈ ಮೂಲದ ಯೋಗೇಶ್ ಅಲೆಖಾರಿ ಒಬ್ಬರೇ ಪ್ರವಾಸ ಹೊರಟಿದ್ದು ಹಲವು ದೇಶಗಳನ್ನು ಸುತ್ತುವ ಉದ್ದೇಶ ಹೊಂದಿದ್ದರು. 17 ದೇಶಗಳನ್ನು ತಮ್ಮ ಬೈಕ್ ನಲ್ಲೇ ಸುತ್ತಿ ನಂತರ ಯುಕೆಗೆ ಬಂದಿದ್ದರು. ಆದರೆ ಯುಕೆಯ ನಾಟಿಂಗ್‌ಹ್ಯಾಮ್ ನಲ್ಲಿ ಅವರ ಬೈಕ್ ಕಳ್ಳತನವಾಗಿದೆ. ಬೈಕ್ ಜೊತೆಗೆ ಪಾಸ್‌ಪೋರ್ಟ್, ಹಣ, ಬಟ್ಟೆಗಳು ಮತ್ತು ಇತರ ವಸ್ತುಗಳು ಸಹ ಕಳುವಾಗಿವೆ. ಈ ಬಗ್ಗೆ ಅವರು ಸಾಮಾಜಿಕ ಮಾಧ್ಯಮದಲ್ಲಿ ಬರೆದುಕೊಂಡಿದ್ದು ಸಹಾಯ ಕೋರಿದ್ದಾರೆ. ಪೊಲೀಸರಿಗೆ ದೂರು ನೀಡಲಾಗಿದೆ.
ಪುಟ 2
